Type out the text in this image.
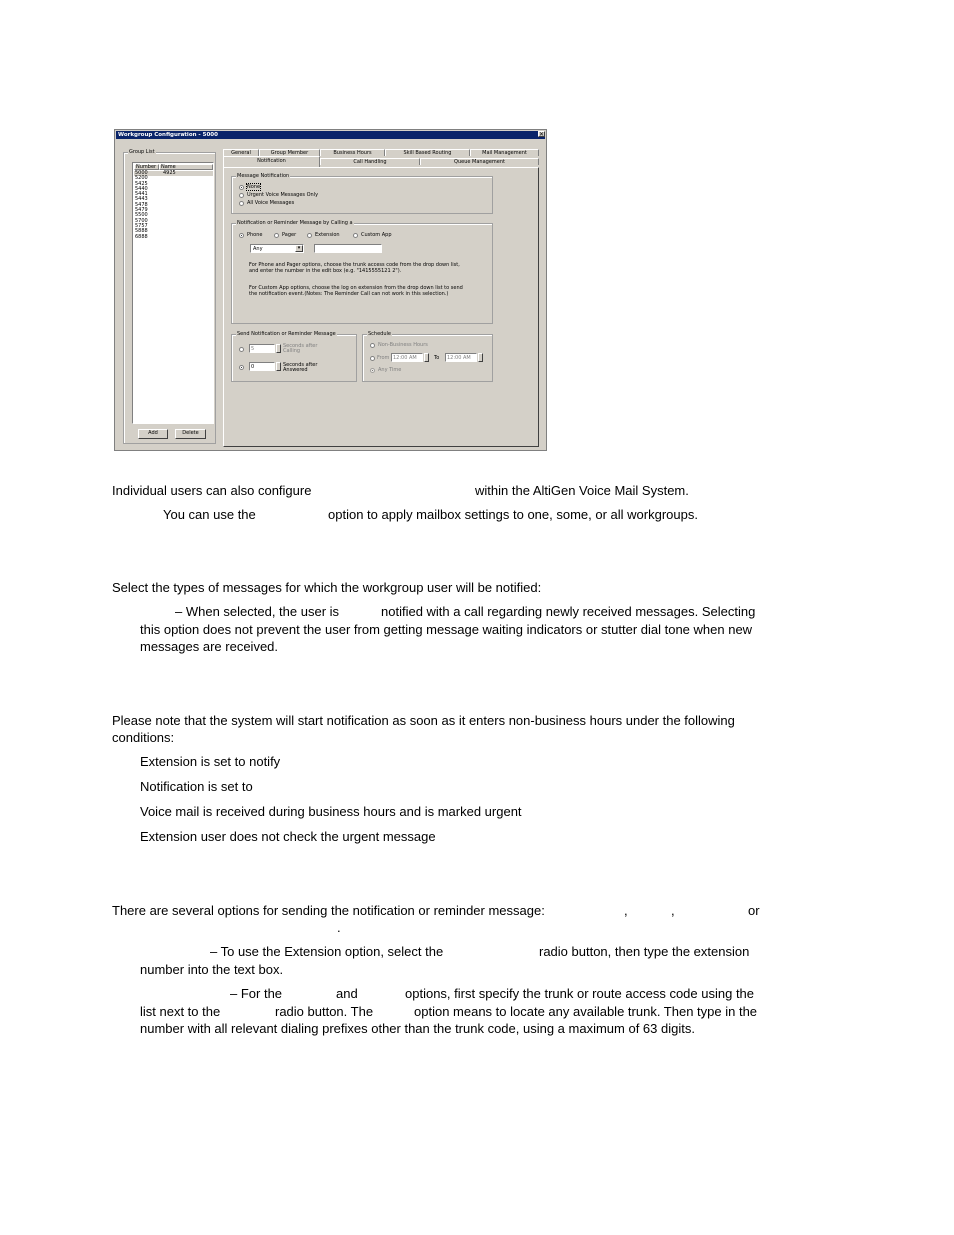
Workgroup Configuration - 5000	✕
Group List
Number Name
5000	4925
5200
5425
5440
5441
5443
5478
5479
5500
5700
5757
5888
6888
Add	Delete
General	Group Member	Business Hours	Skill Based Routing	Mail Management
Notification	Call Handling	Queue Management
Message Notification
None
Urgent Voice Messages Only
All Voice Messages
Notification or Reminder Message by Calling a
Phone	Pager	Extension	Custom App
Any	▾
For Phone and Pager options, choose the trunk access code from the drop down list,
and enter the number in the edit box (e.g. "1415555121 2").
For Custom App options, choose the log on extension from the drop down list to send
the notification event.(Notes: The Reminder Call can not work in this selection.)
Send Notification or Reminder Message
5	Seconds after
Calling
0	Seconds after
Answered
Schedule
Non-Business Hours
From 12:00 AM	To 12:00 AM
Any Time
Individual users can also configure	within the AltiGen Voice Mail System.
You can use the	option to apply mailbox settings to one, some, or all workgroups.
Select the types of messages for which the workgroup user will be notified:
– When selected, the user is	notified with a call regarding newly received messages. Selecting
this option does not prevent the user from getting message waiting indicators or stutter dial tone when new
messages are received.
Please note that the system will start notification as soon as it enters non-business hours under the following
conditions:
Extension is set to notify
Notification is set to
Voice mail is received during business hours and is marked urgent
Extension user does not check the urgent message
There are several options for sending the notification or reminder message:	,	,	or
.
– To use the Extension option, select the	radio button, then type the extension
number into the text box.
– For the	and	options, first specify the trunk or route access code using the
list next to the	radio button. The	option means to locate any available trunk. Then type in the
number with all relevant dialing prefixes other than the trunk code, using a maximum of 63 digits.
